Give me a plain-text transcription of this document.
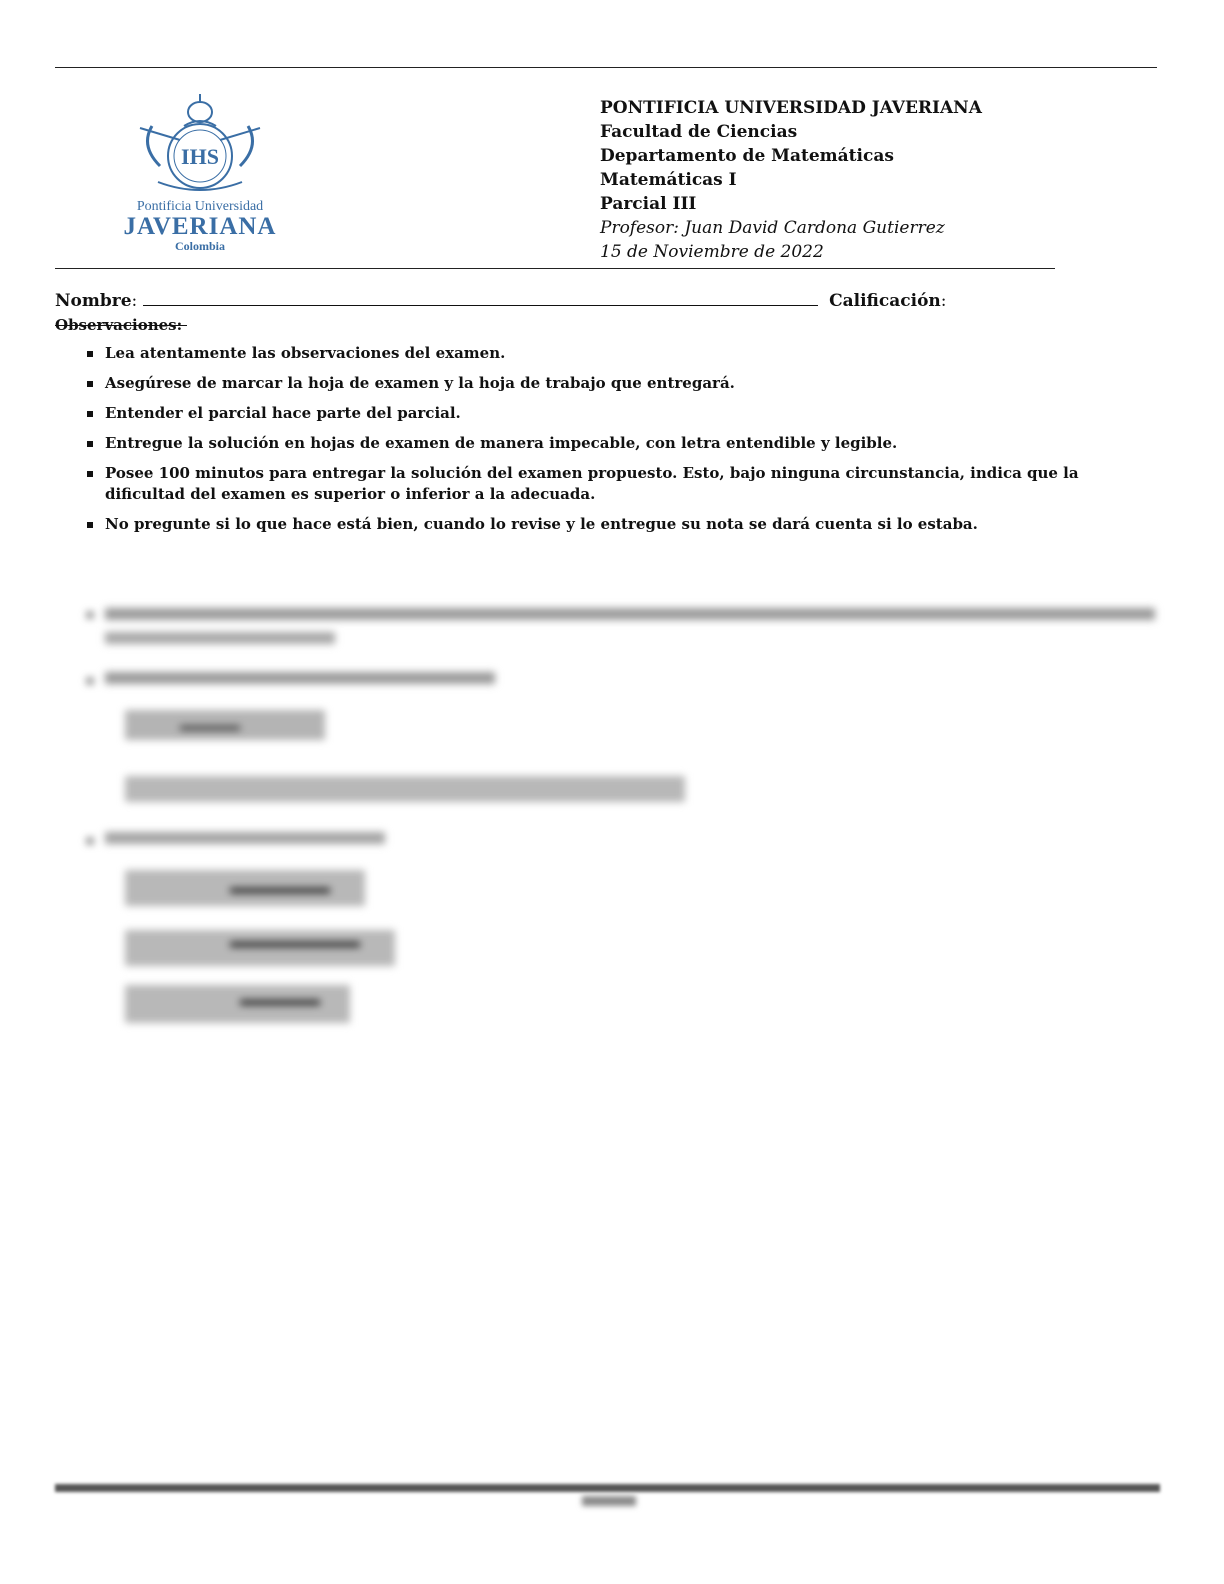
IHS
Pontificia Universidad
JAVERIANA
Colombia
PONTIFICIA UNIVERSIDAD JAVERIANA
Facultad de Ciencias
Departamento de Matemáticas
Matemáticas I
Parcial III
Profesor: Juan David Cardona Gutierrez
15 de Noviembre de 2022
Nombre:	Calificación:
Observaciones:
Lea atentamente las observaciones del examen.
Asegúrese de marcar la hoja de examen y la hoja de trabajo que entregará.
Entender el parcial hace parte del parcial.
Entregue la solución en hojas de examen de manera impecable, con letra entendible y legible.
Posee 100 minutos para entregar la solución del examen propuesto. Esto, bajo ninguna circunstancia, indica que la dificultad del examen es superior o inferior a la adecuada.
No pregunte si lo que hace está bien, cuando lo revise y le entregue su nota se dará cuenta si lo estaba.
